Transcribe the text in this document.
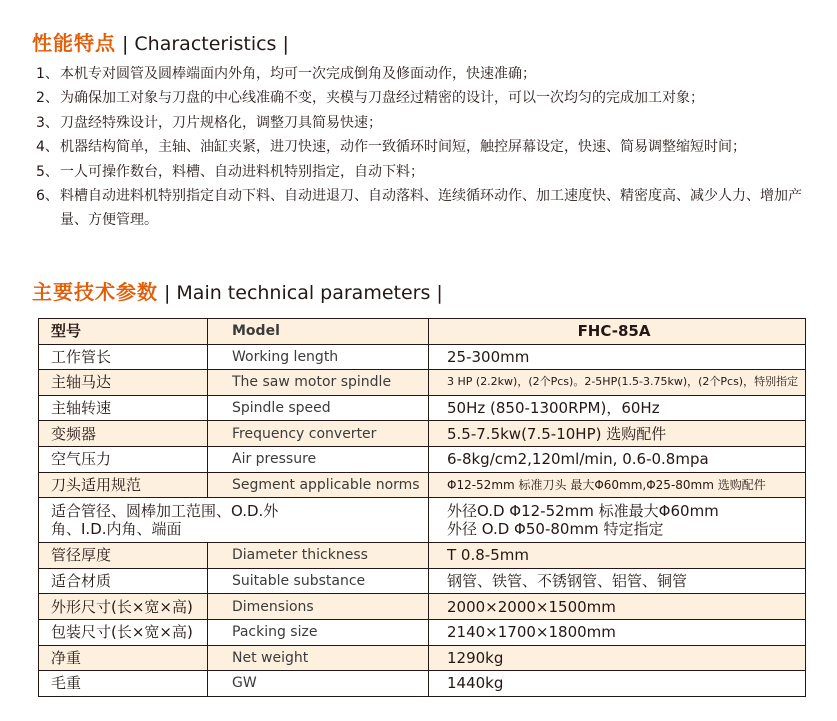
性能特点 | Characteristics |
1、 本机专对圆管及圆棒端面内外角，均可一次完成倒角及修面动作，快速准确；
2、 为确保加工对象与刀盘的中心线准确不变，夹模与刀盘经过精密的设计，可以一次均匀的完成加工对象；
3、 刀盘经特殊设计，刀片规格化，调整刀具简易快速；
4、 机器结构简单，主轴、油缸夹紧，进刀快速，动作一致循环时间短，触控屏幕设定，快速、简易调整缩短时间；
5、 一人可操作数台，料槽、自动进料机特别指定，自动下料；
6、 料槽自动进料机特别指定自动下料、自动进退刀、自动落料、连续循环动作、加工速度快、精密度高、减少人力、增加产量、方便管理。
主要技术参数 | Main technical parameters |
型号	Model	FHC-85A
工作管长	Working length	25-300mm
主轴马达	The saw motor spindle	3 HP (2.2kw)，(2个Pcs)。2-5HP(1.5-3.75kw)，(2个Pcs)，特别指定
主轴转速	Spindle speed	50Hz (850-1300RPM)，60Hz
变频器	Frequency converter	5.5-7.5kw(7.5-10HP) 选购配件
空气压力	Air pressure	6-8kg/cm2,120ml/min, 0.6-0.8mpa
刀头适用规范	Segment applicable norms	Φ12-52mm 标准刀头 最大Φ60mm,Φ25-80mm 选购配件
适合管径、圆棒加工范围、O.D.外角、I.D.内角、端面		外径O.D Φ12-52mm 标准最大Φ60mm
外径 O.D Φ50-80mm 特定指定

管径厚度	Diameter thickness	T 0.8-5mm
适合材质	Suitable substance	钢管、铁管、不锈钢管、铝管、铜管
外形尺寸(长×宽×高)	Dimensions	2000×2000×1500mm
包装尺寸(长×宽×高)	Packing size	2140×1700×1800mm
净重	Net weight	1290kg
毛重	GW	1440kg
